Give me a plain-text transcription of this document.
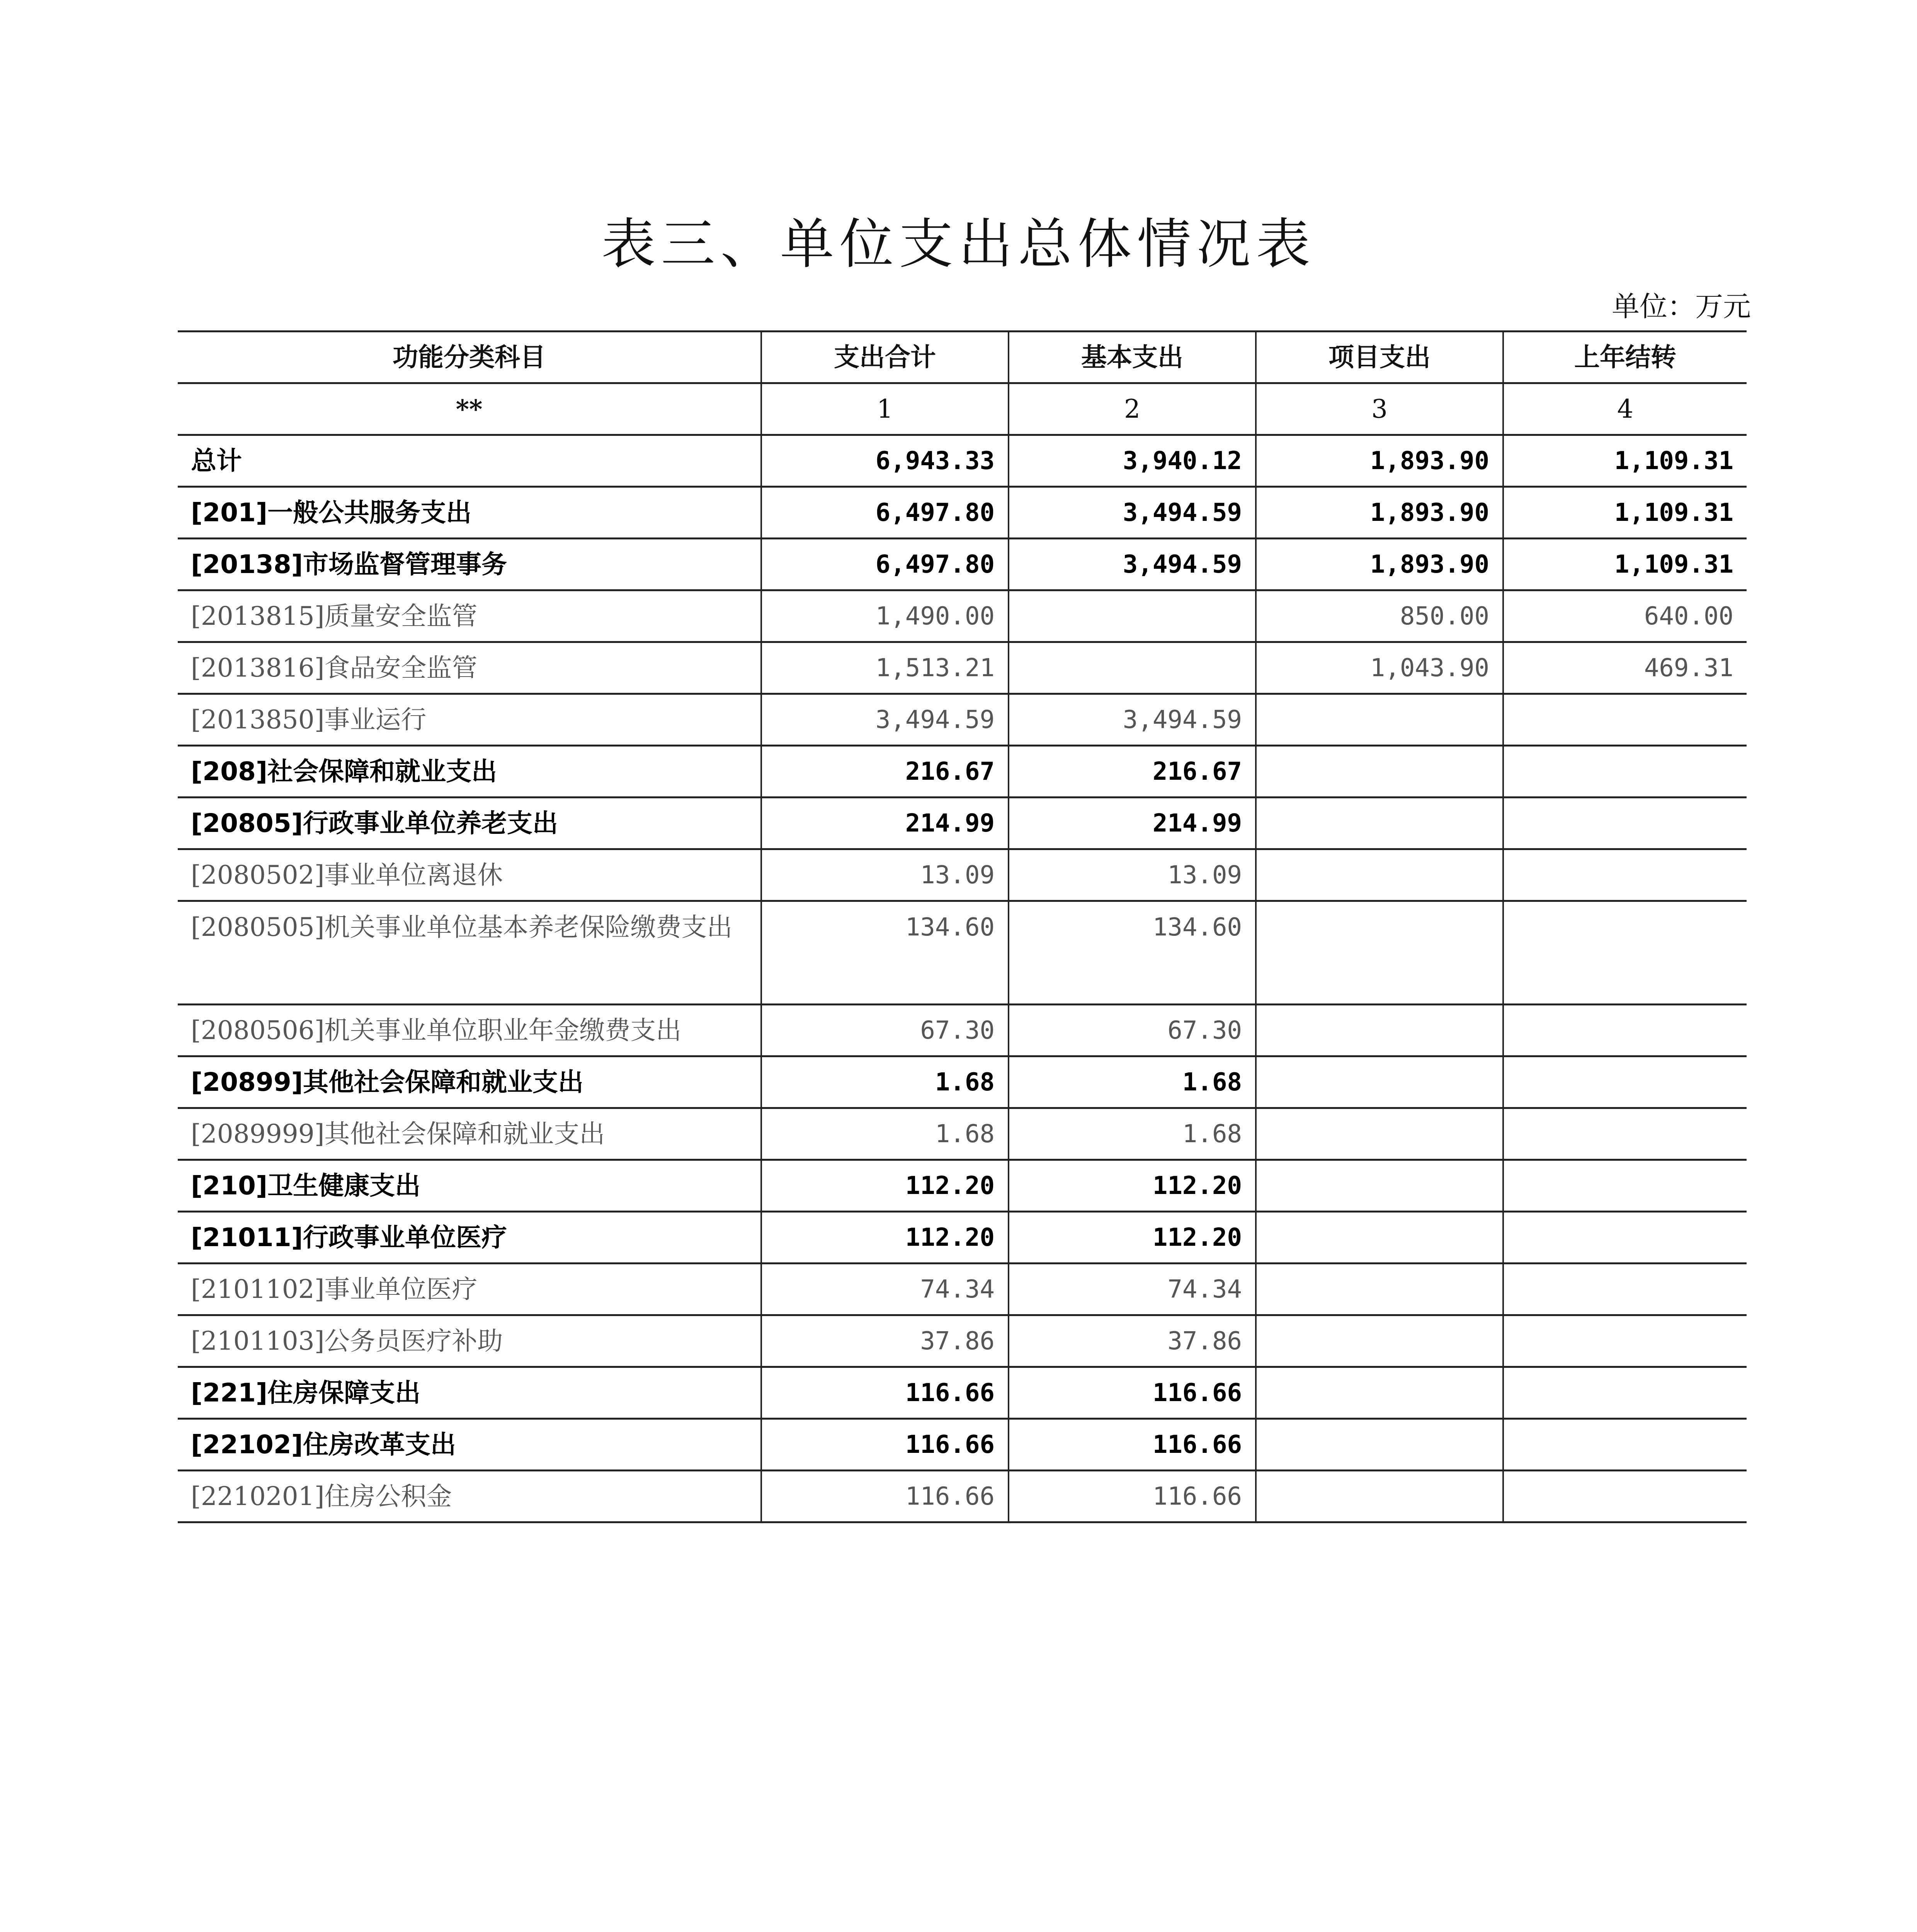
表三、单位支出总体情况表
单位：万元
功能分类科目	支出合计	基本支出	项目支出	上年结转
**	1	2	3	4
总计	6,943.33	3,940.12	1,893.90	1,109.31
[201]一般公共服务支出	6,497.80	3,494.59	1,893.90	1,109.31
[20138]市场监督管理事务	6,497.80	3,494.59	1,893.90	1,109.31
[2013815]质量安全监管	1,490.00		850.00	640.00
[2013816]食品安全监管	1,513.21		1,043.90	469.31
[2013850]事业运行	3,494.59	3,494.59		
[208]社会保障和就业支出	216.67	216.67		
[20805]行政事业单位养老支出	214.99	214.99		
[2080502]事业单位离退休	13.09	13.09		
[2080505]机关事业单位基本养老保险缴费支出	134.60	134.60		
[2080506]机关事业单位职业年金缴费支出	67.30	67.30		
[20899]其他社会保障和就业支出	1.68	1.68		
[2089999]其他社会保障和就业支出	1.68	1.68		
[210]卫生健康支出	112.20	112.20		
[21011]行政事业单位医疗	112.20	112.20		
[2101102]事业单位医疗	74.34	74.34		
[2101103]公务员医疗补助	37.86	37.86		
[221]住房保障支出	116.66	116.66		
[22102]住房改革支出	116.66	116.66		
[2210201]住房公积金	116.66	116.66		
